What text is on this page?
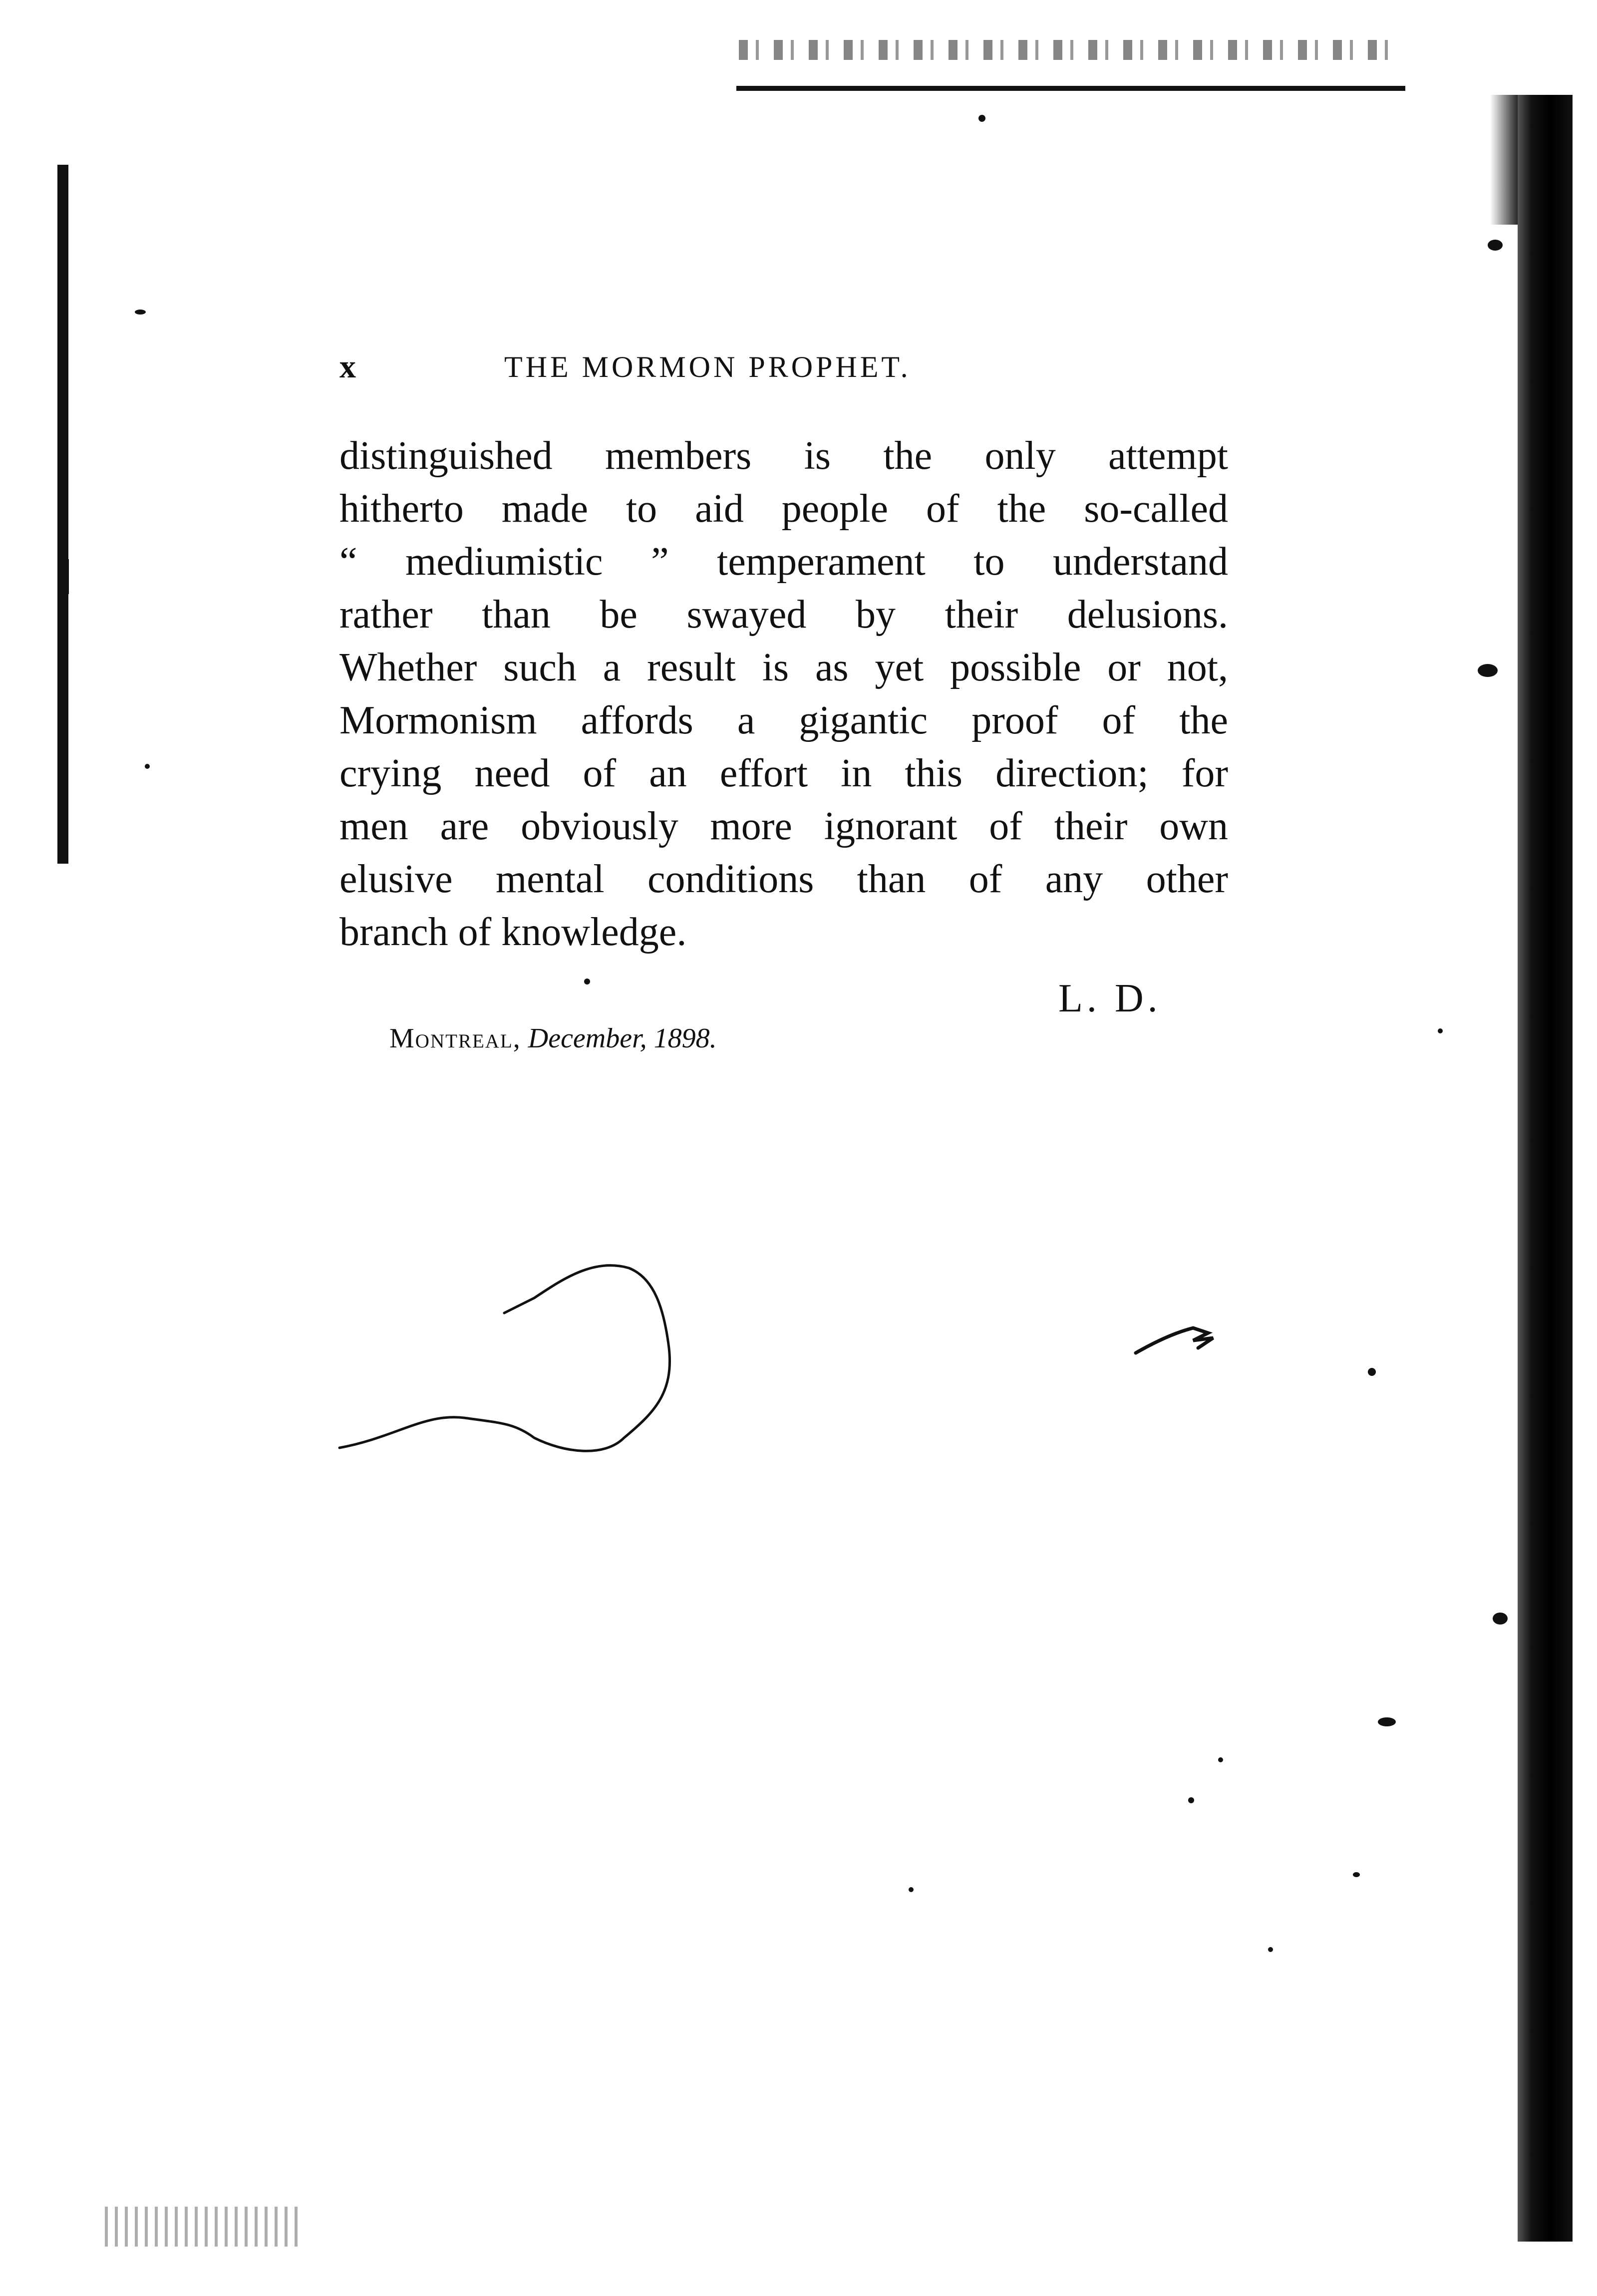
x	THE MORMON PROPHET.
distinguished members is the only attempt
hitherto made to aid people of the so-called
“ mediumistic ” temperament to understand
rather than be swayed by their delusions.
Whether such a result is as yet possible or not,
Mormonism affords a gigantic proof of the
crying need of an effort in this direction; for
men are obviously more ignorant of their own
elusive mental conditions than of any other
branch of knowledge.
L. D.
Montreal, December, 1898.
